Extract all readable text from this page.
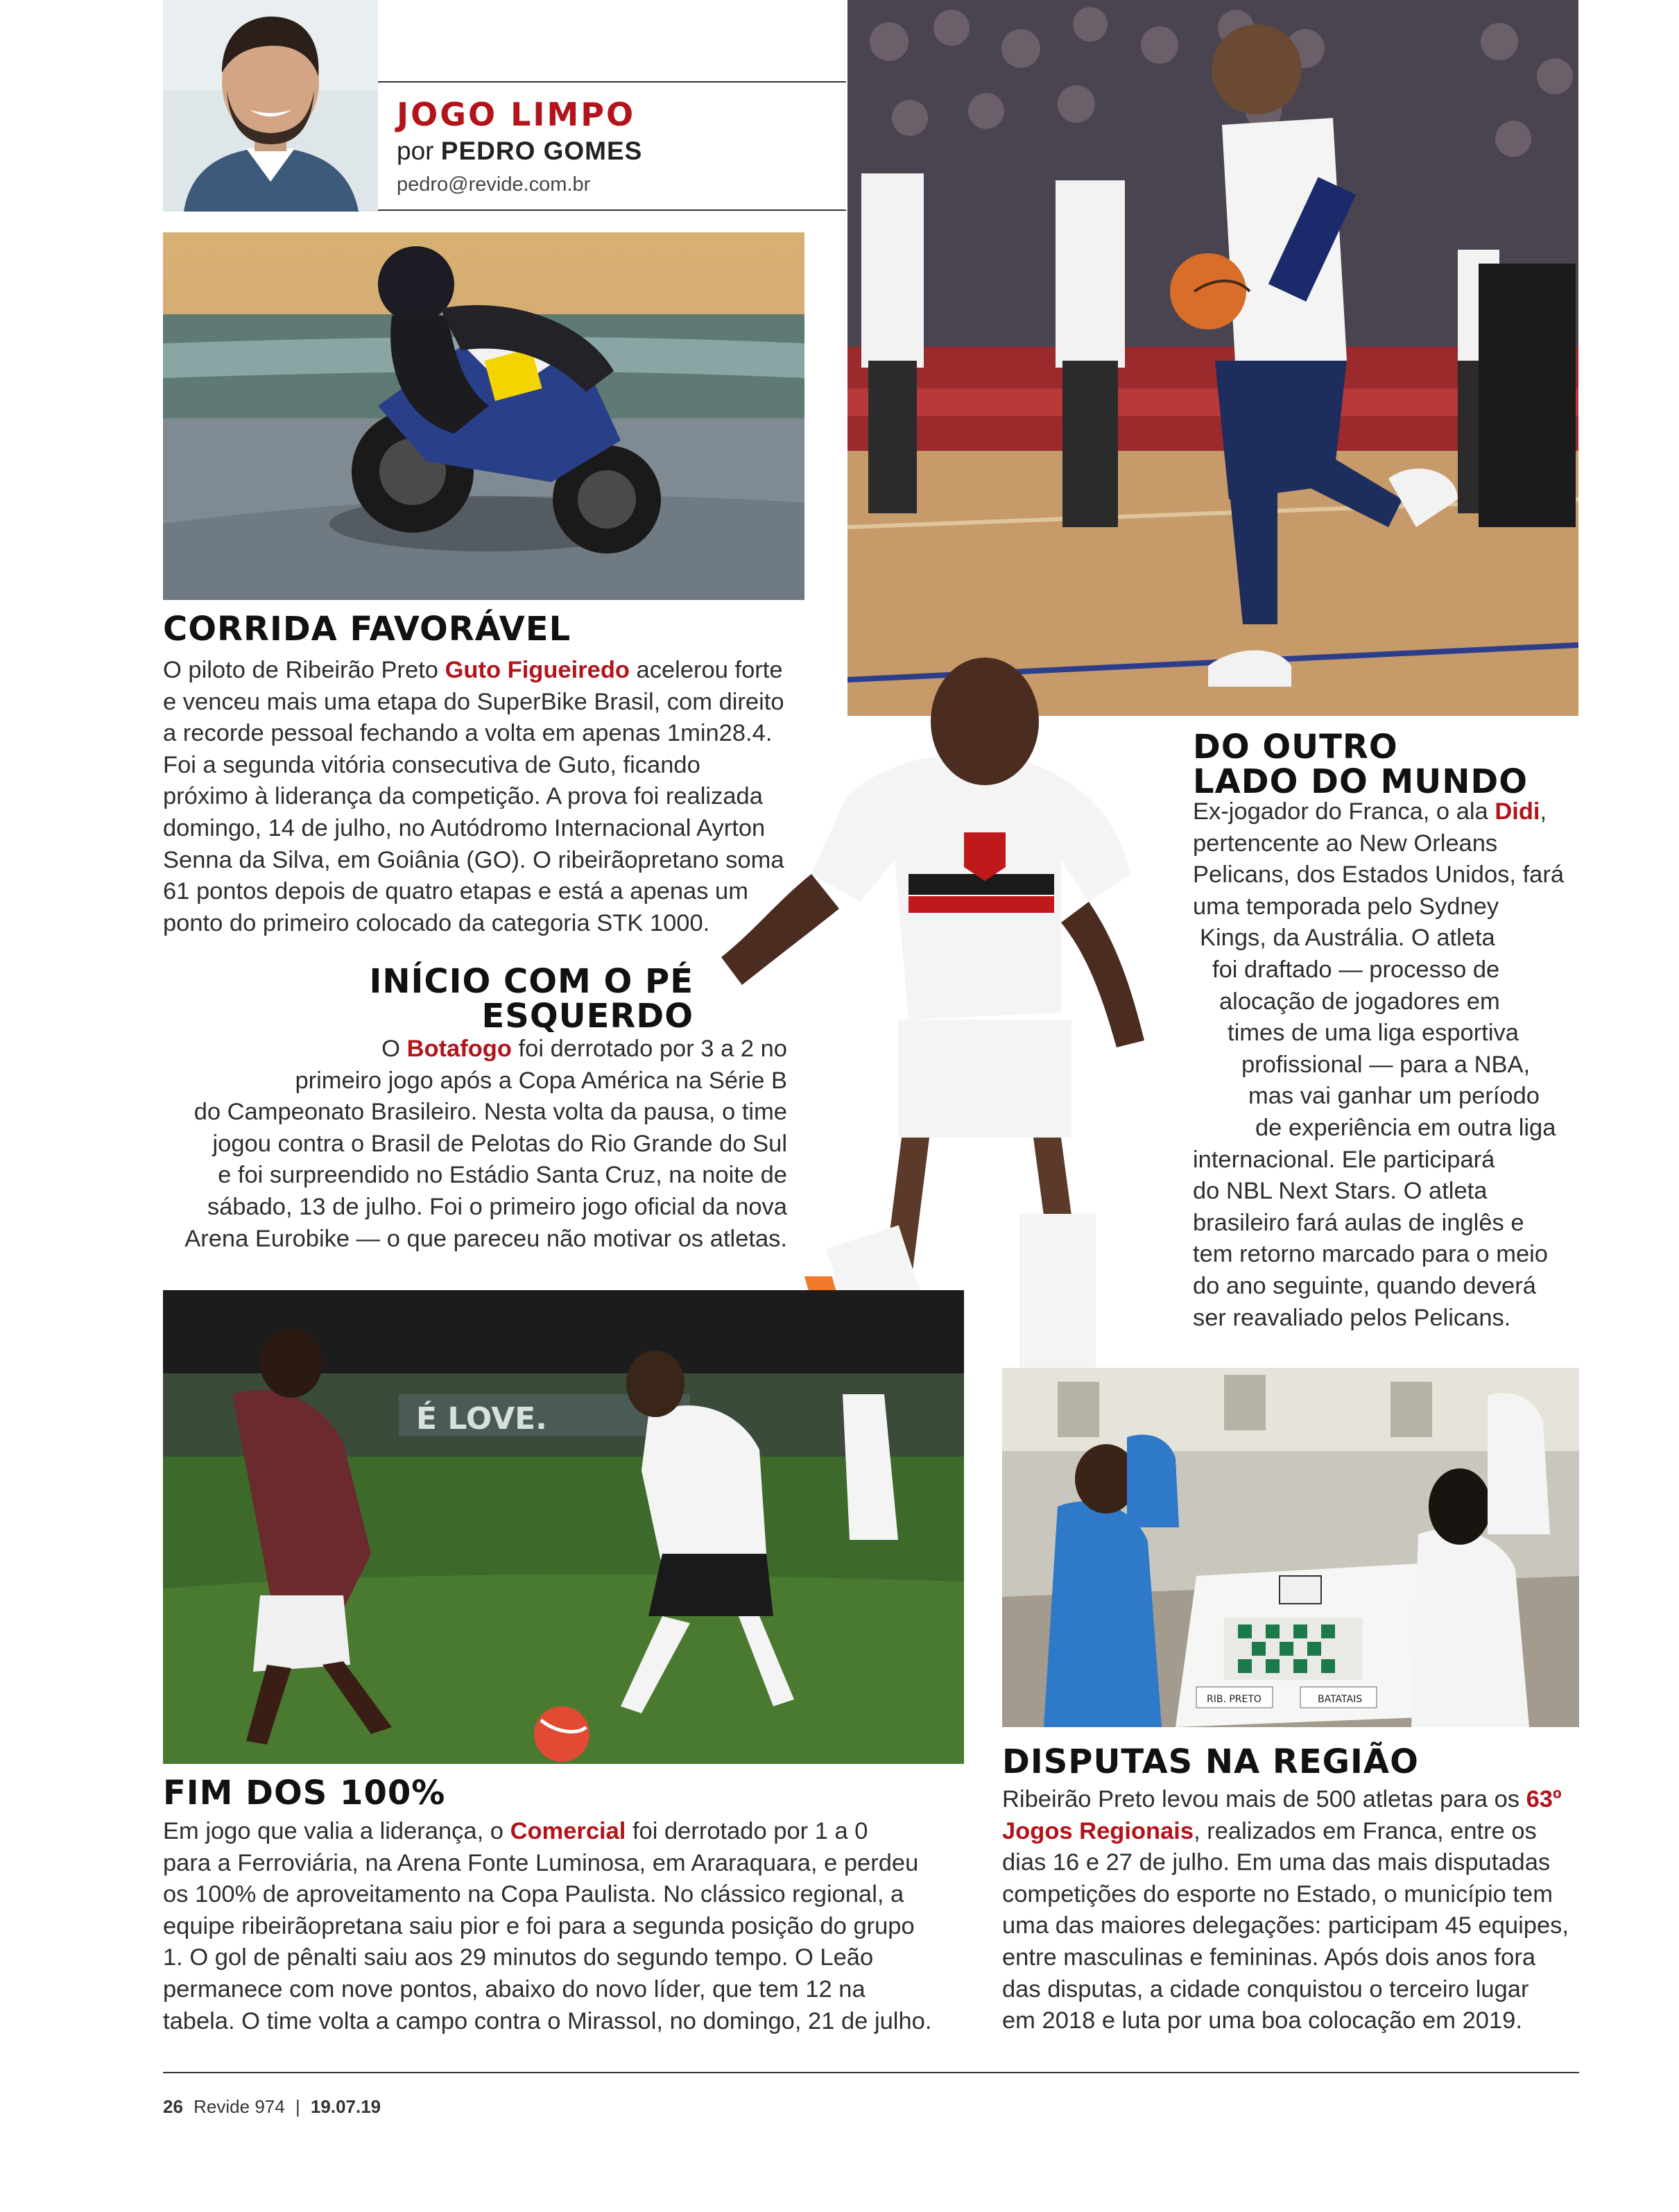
JOGO LIMPO
por PEDRO GOMES
pedro@revide.com.br
É LOVE.
RIB. PRETO	BATATAIS
CORRIDA FAVORÁVEL
O piloto de Ribeirão Preto Guto Figueiredo acelerou forte
e venceu mais uma etapa do SuperBike Brasil, com direito
a recorde pessoal fechando a volta em apenas 1min28.4.
Foi a segunda vitória consecutiva de Guto, ficando
próximo à liderança da competição. A prova foi realizada
domingo, 14 de julho, no Autódromo Internacional Ayrton
Senna da Silva, em Goiânia (GO). O ribeirãopretano soma
61 pontos depois de quatro etapas e está a apenas um
ponto do primeiro colocado da categoria STK 1000.
INÍCIO COM O PÉ
ESQUERDO
O Botafogo foi derrotado por 3 a 2 no
primeiro jogo após a Copa América na Série B
do Campeonato Brasileiro. Nesta volta da pausa, o time
jogou contra o Brasil de Pelotas do Rio Grande do Sul
e foi surpreendido no Estádio Santa Cruz, na noite de
sábado, 13 de julho. Foi o primeiro jogo oficial da nova
Arena Eurobike — o que pareceu não motivar os atletas.
DO OUTRO
LADO DO MUNDO
Ex-jogador do Franca, o ala Didi,
pertencente ao New Orleans
Pelicans, dos Estados Unidos, fará
uma temporada pelo Sydney
Kings, da Austrália. O atleta
foi draftado — processo de
alocação de jogadores em
times de uma liga esportiva
profissional — para a NBA,
mas vai ganhar um período
de experiência em outra liga
internacional. Ele participará
do NBL Next Stars. O atleta
brasileiro fará aulas de inglês e
tem retorno marcado para o meio
do ano seguinte, quando deverá
ser reavaliado pelos Pelicans.
FIM DOS 100%
Em jogo que valia a liderança, o Comercial foi derrotado por 1 a 0
para a Ferroviária, na Arena Fonte Luminosa, em Araraquara, e perdeu
os 100% de aproveitamento na Copa Paulista. No clássico regional, a
equipe ribeirãopretana saiu pior e foi para a segunda posição do grupo
1. O gol de pênalti saiu aos 29 minutos do segundo tempo. O Leão
permanece com nove pontos, abaixo do novo líder, que tem 12 na
tabela. O time volta a campo contra o Mirassol, no domingo, 21 de julho.
DISPUTAS NA REGIÃO
Ribeirão Preto levou mais de 500 atletas para os 63º
Jogos Regionais, realizados em Franca, entre os
dias 16 e 27 de julho. Em uma das mais disputadas
competições do esporte no Estado, o município tem
uma das maiores delegações: participam 45 equipes,
entre masculinas e femininas. Após dois anos fora
das disputas, a cidade conquistou o terceiro lugar
em 2018 e luta por uma boa colocação em 2019.
26 Revide 974 | 19.07.19
